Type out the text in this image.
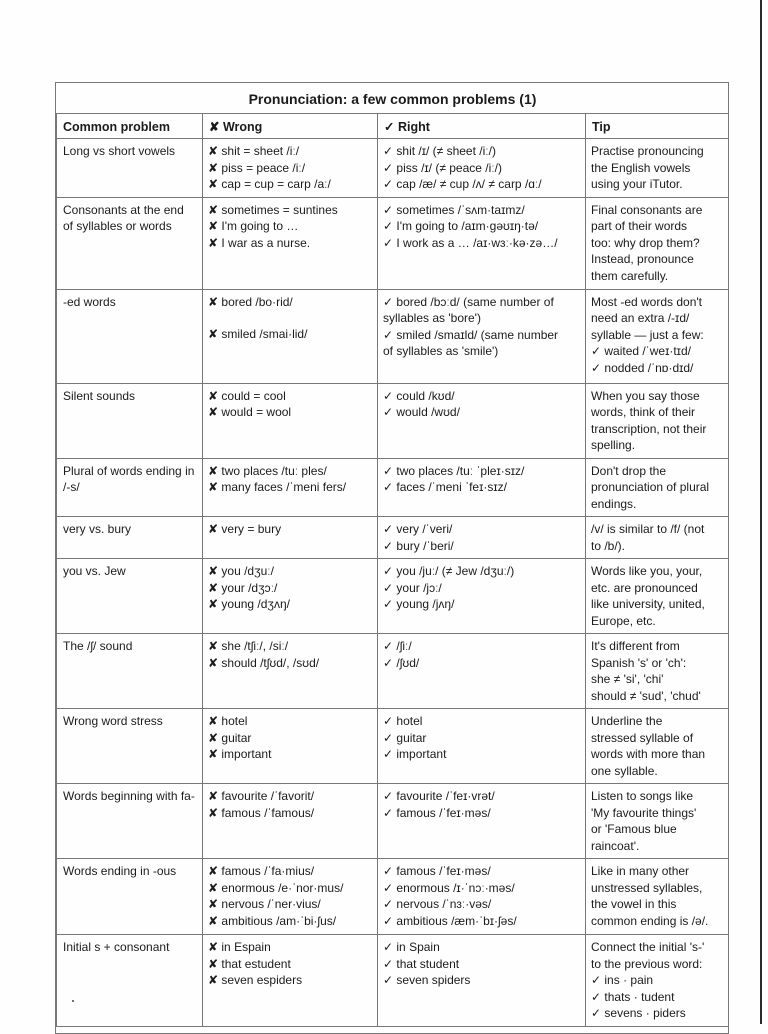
Pronunciation: a few common problems (1)			
Common problem	✘ Wrong	✓ Right	Tip
Long vs short vowels	✘ shit = sheet /iː/
✘ piss = peace /iː/
✘ cap = cup = carp /aː/	✓ shit /ɪ/ (≠ sheet /iː/)
✓ piss /ɪ/ (≠ peace /iː/)
✓ cap /æ/ ≠ cup /ʌ/ ≠ carp /ɑː/	Practise pronouncing
the English vowels
using your iTutor.

Consonants at the end of syllables or words	✘ sometimes = suntines
✘ I'm going to …
✘ I war as a nurse.	✓ sometimes /ˈsʌm·taɪmz/
✓ I'm going to /aɪm·gəʊɪŋ·tə/
✓ I work as a … /aɪ·wɜː·kə·zə…/	Final consonants are
part of their words
too: why drop them?
Instead, pronounce
them carefully.

-ed words	✘ bored /bo·rid/
✘ smiled /smai·lid/	✓ bored /bɔːd/ (same number of
syllables as 'bore')
✓ smiled /smaɪld/ (same number
of syllables as 'smile')	Most -ed words don't
need an extra /-ɪd/
syllable — just a few:
✓ waited /ˈweɪ·tɪd/
✓ nodded /ˈnɒ·dɪd/

Silent sounds	✘ could = cool
✘ would = wool	✓ could /kʊd/
✓ would /wʊd/	When you say those
words, think of their
transcription, not their
spelling.

Plural of words ending in /-s/	✘ two places /tuː ples/
✘ many faces /ˈmeni fers/	✓ two places /tuː ˈpleɪ·sɪz/
✓ faces /ˈmeni ˈfeɪ·sɪz/	Don't drop the
pronunciation of plural
endings.

very vs. bury	✘ very = bury	✓ very /ˈveri/
✓ bury /ˈberi/	/v/ is similar to /f/ (not
to /b/).

you vs. Jew	✘ you /dʒuː/
✘ your /dʒɔː/
✘ young /dʒʌŋ/	✓ you /juː/ (≠ Jew /dʒuː/)
✓ your /jɔː/
✓ young /jʌŋ/	Words like you, your,
etc. are pronounced
like university, united,
Europe, etc.

The /ʃ/ sound	✘ she /tʃiː/, /siː/
✘ should /tʃʊd/, /sʊd/	✓ /ʃiː/
✓ /ʃʊd/	It's different from
Spanish 's' or 'ch':
she ≠ 'si', 'chi'
should ≠ 'sud', 'chud'

Wrong word stress	✘ hotel
✘ guitar
✘ important	✓ hotel
✓ guitar
✓ important	Underline the
stressed syllable of
words with more than
one syllable.

Words beginning with fa-	✘ favourite /ˈfavorit/
✘ famous /ˈfamous/	✓ favourite /ˈfeɪ·vrət/
✓ famous /ˈfeɪ·məs/	Listen to songs like
'My favourite things'
or 'Famous blue
raincoat'.

Words ending in -ous	✘ famous /ˈfa·mius/
✘ enormous /e·ˈnor·mus/
✘ nervous /ˈner·vius/
✘ ambitious /am·ˈbi·ʃus/	✓ famous /ˈfeɪ·məs/
✓ enormous /ɪ·ˈnɔː·məs/
✓ nervous /ˈnɜː·vəs/
✓ ambitious /æm·ˈbɪ·ʃəs/	Like in many other
unstressed syllables,
the vowel in this
common ending is /ə/.

Initial s + consonant	✘ in Espain
✘ that estudent
✘ seven espiders	✓ in Spain
✓ that student
✓ seven spiders	Connect the initial 's-'
to the previous word:
✓ ins · pain
✓ thats · tudent
✓ sevens · piders
